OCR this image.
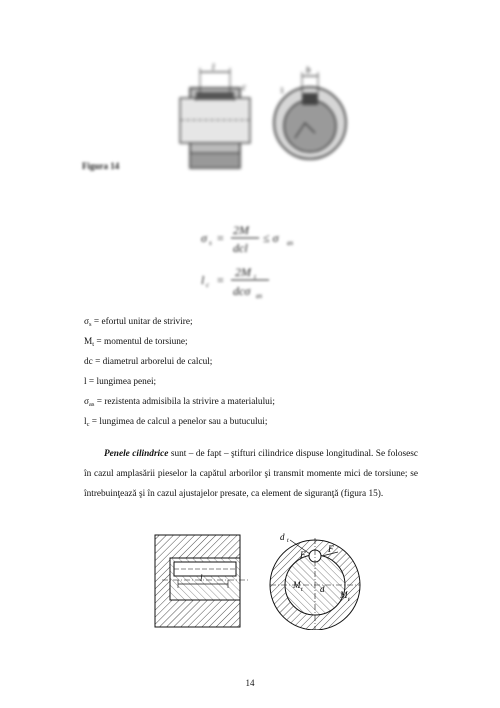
l
c
b
1
Figura 14
σ s =
2M
dcl
≤ σ as
l c =
2M t
dcσ as
$\sigma_s$ = efortul unitar de strivire;
$M_t$ = momentul de torsiune;
dc = diametrul arborelui de calcul;
l = lungimea penei;
$\sigma_{as}$ = rezistenta admisibila la strivire a materialului;
$l_c$ = lungimea de calcul a penelor sau a butucului;
Penele cilindrice sunt – de fapt – ştifturi cilindrice dispuse longitudinal. Se folosesc în cazul amplasării pieselor la capătul arborilor şi transmit momente mici de torsiune; se întrebuinţează şi în cazul ajustajelor presate, ca element de siguranţă (figura 15).
l
d t
F
F
d
M t	M t
14
